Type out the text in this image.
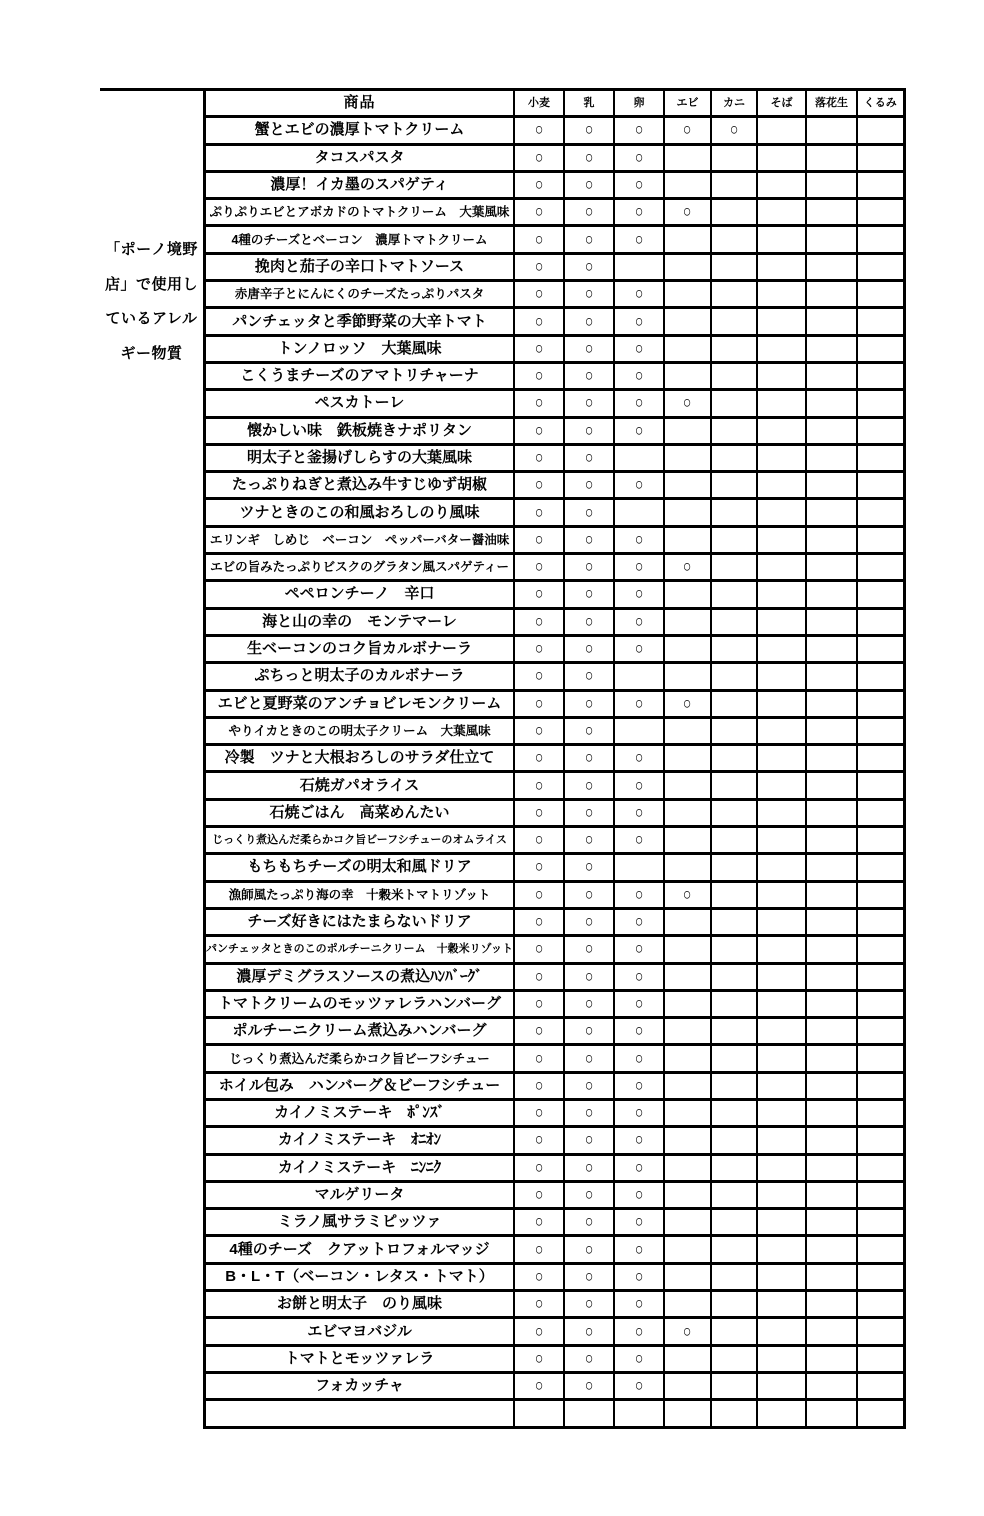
「ポーノ境野
店」で使用し
ているアレル
ギー物質
商品	小麦	乳	卵	エビ	カニ	そば	落花生	くるみ
蟹とエビの濃厚トマトクリーム	○	○	○	○	○			
タコスパスタ	○	○	○					
濃厚！イカ墨のスパゲティ	○	○	○					
ぷりぷりエビとアボカドのトマトクリーム　大葉風味	○	○	○	○				
4種のチーズとベーコン　濃厚トマトクリーム	○	○	○					
挽肉と茄子の辛口トマトソース	○	○						
赤唐辛子とにんにくのチーズたっぷりパスタ	○	○	○					
パンチェッタと季節野菜の大辛トマト	○	○	○					
トンノロッソ　大葉風味	○	○	○					
こくうまチーズのアマトリチャーナ	○	○	○					
ペスカトーレ	○	○	○	○				
懐かしい味　鉄板焼きナポリタン	○	○	○					
明太子と釜揚げしらすの大葉風味	○	○						
たっぷりねぎと煮込み牛すじゆず胡椒	○	○	○					
ツナときのこの和風おろしのり風味	○	○						
エリンギ　しめじ　ベーコン　ペッパーバター醤油味	○	○	○					
エビの旨みたっぷりビスクのグラタン風スパゲティー	○	○	○	○				
ペペロンチーノ　辛口	○	○	○					
海と山の幸の　モンテマーレ	○	○	○					
生ベーコンのコク旨カルボナーラ	○	○	○					
ぷちっと明太子のカルボナーラ	○	○						
エビと夏野菜のアンチョビレモンクリーム	○	○	○	○				
やりイカときのこの明太子クリーム　大葉風味	○	○						
冷製　ツナと大根おろしのサラダ仕立て	○	○	○					
石焼ガパオライス	○	○	○					
石焼ごはん　高菜めんたい	○	○	○					
じっくり煮込んだ柔らかコク旨ビーフシチューのオムライス	○	○	○					
もちもちチーズの明太和風ドリア	○	○						
漁師風たっぷり海の幸　十穀米トマトリゾット	○	○	○	○				
チーズ好きにはたまらないドリア	○	○	○					
パンチェッタときのこのポルチーニクリーム　十穀米リゾット	○	○	○					
濃厚デミグラスソースの煮込ﾊﾝﾊﾞｰｸﾞ	○	○	○					
トマトクリームのモッツァレラハンバーグ	○	○	○					
ポルチーニクリーム煮込みハンバーグ	○	○	○					
じっくり煮込んだ柔らかコク旨ビーフシチュー	○	○	○					
ホイル包み　ハンバーグ＆ビーフシチュー	○	○	○					
カイノミステーキ　ﾎﾟﾝｽﾞ	○	○	○					
カイノミステーキ　ｵﾆｵﾝ	○	○	○					
カイノミステーキ　ﾆﾝﾆｸ	○	○	○					
マルゲリータ	○	○	○					
ミラノ風サラミピッツァ	○	○	○					
4種のチーズ　クアットロフォルマッジ	○	○	○					
B・L・T（ベーコン・レタス・トマト）	○	○	○					
お餅と明太子　のり風味	○	○	○					
エビマヨバジル	○	○	○	○				
トマトとモッツァレラ	○	○	○					
フォカッチャ	○	○	○					
